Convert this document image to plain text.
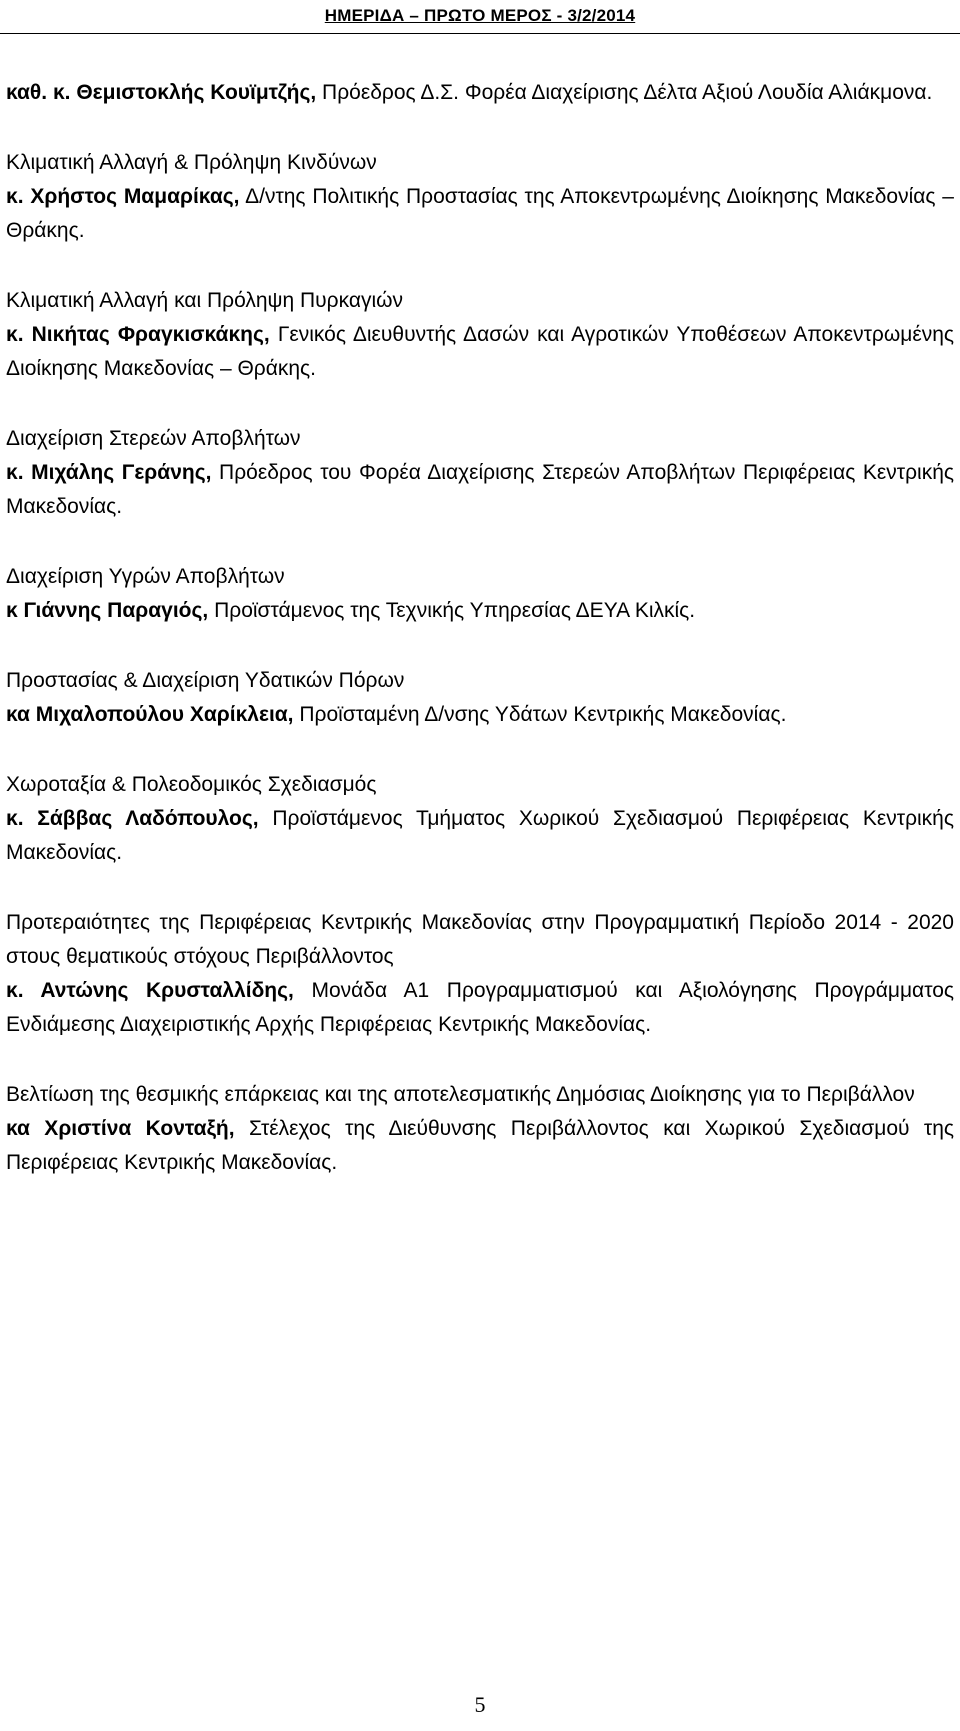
ΗΜΕΡΙΔΑ – ΠΡΩΤΟ ΜΕΡΟΣ - 3/2/2014

καθ. κ. Θεμιστοκλής Κουϊμτζής, Πρόεδρος Δ.Σ. Φορέα Διαχείρισης Δέλτα Αξιού Λουδία Αλιάκμονα.

Κλιματική Αλλαγή & Πρόληψη Κινδύνων

κ. Χρήστος Μαμαρίκας, Δ/ντης Πολιτικής Προστασίας της Αποκεντρωμένης Διοίκησης Μακεδονίας – Θράκης.

Κλιματική Αλλαγή και Πρόληψη Πυρκαγιών

κ. Νικήτας Φραγκισκάκης, Γενικός Διευθυντής Δασών και Αγροτικών Υποθέσεων Αποκεντρωμένης Διοίκησης Μακεδονίας – Θράκης.

Διαχείριση Στερεών Αποβλήτων

κ. Μιχάλης Γεράνης, Πρόεδρος του Φορέα Διαχείρισης Στερεών Αποβλήτων Περιφέρειας Κεντρικής Μακεδονίας.

Διαχείριση Υγρών Αποβλήτων

κ Γιάννης Παραγιός, Προϊστάμενος της Τεχνικής Υπηρεσίας ΔΕΥΑ Κιλκίς.

Προστασίας & Διαχείριση Υδατικών Πόρων

κα Μιχαλοπούλου Χαρίκλεια, Προϊσταμένη Δ/νσης Υδάτων Κεντρικής Μακεδονίας.

Χωροταξία & Πολεοδομικός Σχεδιασμός

κ. Σάββας Λαδόπουλος, Προϊστάμενος Τμήματος Χωρικού Σχεδιασμού Περιφέρειας Κεντρικής Μακεδονίας.

Προτεραιότητες της Περιφέρειας Κεντρικής Μακεδονίας στην Προγραμματική Περίοδο 2014 - 2020 στους θεματικούς στόχους Περιβάλλοντος

κ. Αντώνης Κρυσταλλίδης, Μονάδα Α1 Προγραμματισμού και Αξιολόγησης Προγράμματος Ενδιάμεσης Διαχειριστικής Αρχής Περιφέρειας Κεντρικής Μακεδονίας.

Βελτίωση της θεσμικής επάρκειας και της αποτελεσματικής Δημόσιας Διοίκησης για το Περιβάλλον

κα Χριστίνα Κονταξή, Στέλεχος της Διεύθυνσης Περιβάλλοντος και Χωρικού Σχεδιασμού της Περιφέρειας Κεντρικής Μακεδονίας.

5
